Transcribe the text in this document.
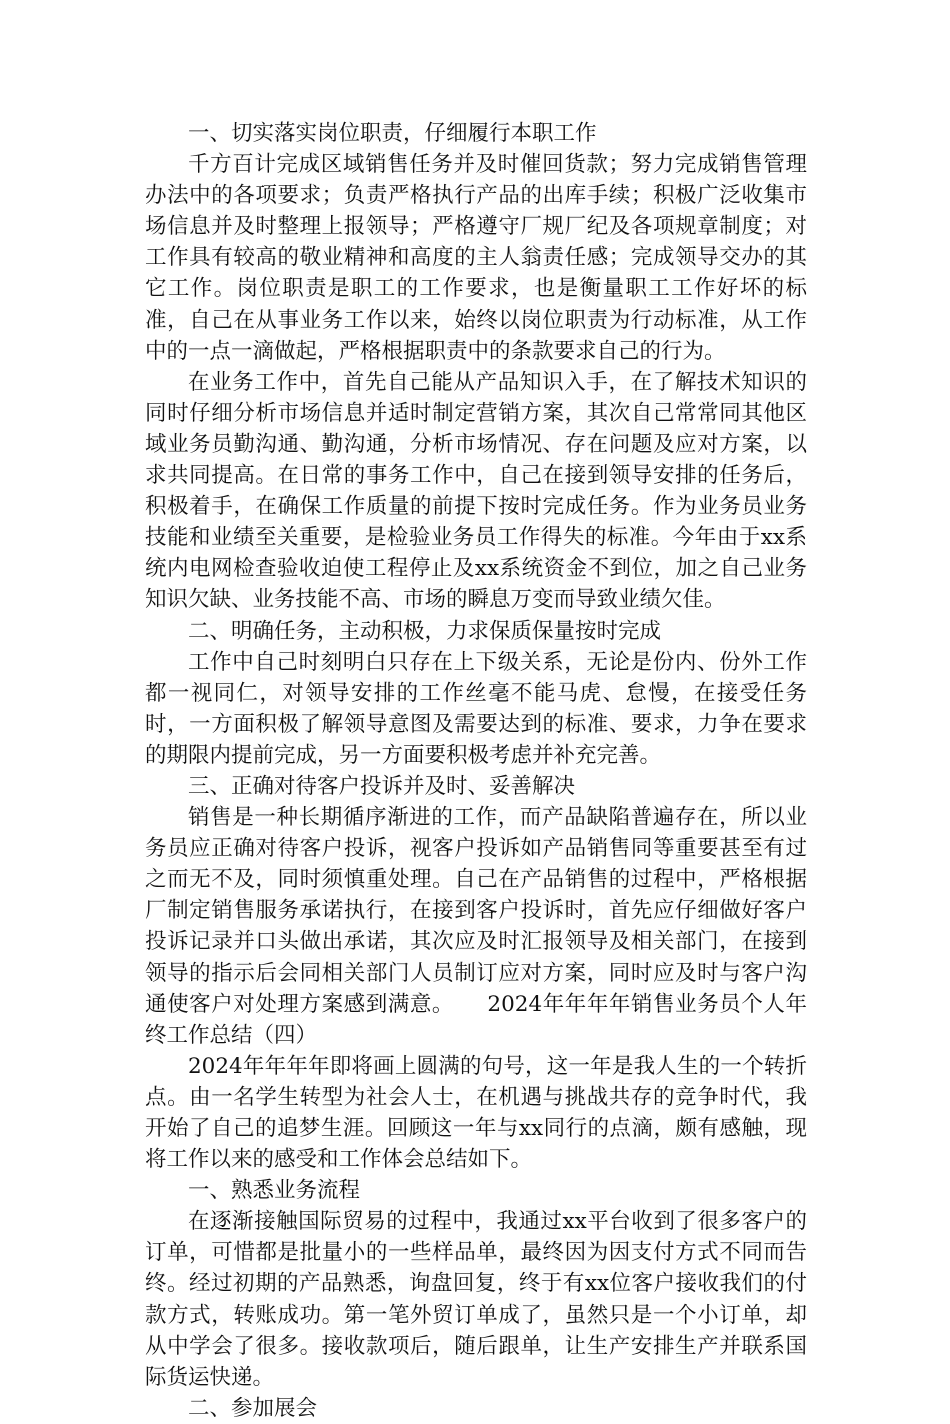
一、切实落实岗位职责，仔细履行本职工作

千方百计完成区域销售任务并及时催回货款；努力完成销售管理办法中的各项要求；负责严格执行产品的出库手续；积极广泛收集市场信息并及时整理上报领导；严格遵守厂规厂纪及各项规章制度；对工作具有较高的敬业精神和高度的主人翁责任感；完成领导交办的其它工作。岗位职责是职工的工作要求，也是衡量职工工作好坏的标准，自己在从事业务工作以来，始终以岗位职责为行动标准，从工作中的一点一滴做起，严格根据职责中的条款要求自己的行为。

在业务工作中，首先自己能从产品知识入手，在了解技术知识的同时仔细分析市场信息并适时制定营销方案，其次自己常常同其他区域业务员勤沟通、勤沟通，分析市场情况、存在问题及应对方案，以求共同提高。在日常的事务工作中，自己在接到领导安排的任务后，积极着手，在确保工作质量的前提下按时完成任务。作为业务员业务技能和业绩至关重要，是检验业务员工作得失的标准。今年由于xx系统内电网检查验收迫使工程停止及xx系统资金不到位，加之自己业务知识欠缺、业务技能不高、市场的瞬息万变而导致业绩欠佳。

二、明确任务，主动积极，力求保质保量按时完成

工作中自己时刻明白只存在上下级关系，无论是份内、份外工作都一视同仁，对领导安排的工作丝毫不能马虎、怠慢，在接受任务时，一方面积极了解领导意图及需要达到的标准、要求，力争在要求的期限内提前完成，另一方面要积极考虑并补充完善。

三、正确对待客户投诉并及时、妥善解决

销售是一种长期循序渐进的工作，而产品缺陷普遍存在，所以业务员应正确对待客户投诉，视客户投诉如产品销售同等重要甚至有过之而无不及，同时须慎重处理。自己在产品销售的过程中，严格根据厂制定销售服务承诺执行，在接到客户投诉时，首先应仔细做好客户投诉记录并口头做出承诺，其次应及时汇报领导及相关部门，在接到领导的指示后会同相关部门人员制订应对方案，同时应及时与客户沟通使客户对处理方案感到满意。　　2024年年年年销售业务员个人年终工作总结（四）

2024年年年年即将画上圆满的句号，这一年是我人生的一个转折点。由一名学生转型为社会人士，在机遇与挑战共存的竞争时代，我开始了自己的追梦生涯。回顾这一年与xx同行的点滴，颇有感触，现将工作以来的感受和工作体会总结如下。

一、熟悉业务流程

在逐渐接触国际贸易的过程中，我通过xx平台收到了很多客户的订单，可惜都是批量小的一些样品单，最终因为因支付方式不同而告终。经过初期的产品熟悉，询盘回复，终于有xx位客户接收我们的付款方式，转账成功。第一笔外贸订单成了，虽然只是一个小订单，却从中学会了很多。接收款项后，随后跟单，让生产安排生产并联系国际货运快递。

二、参加展会
